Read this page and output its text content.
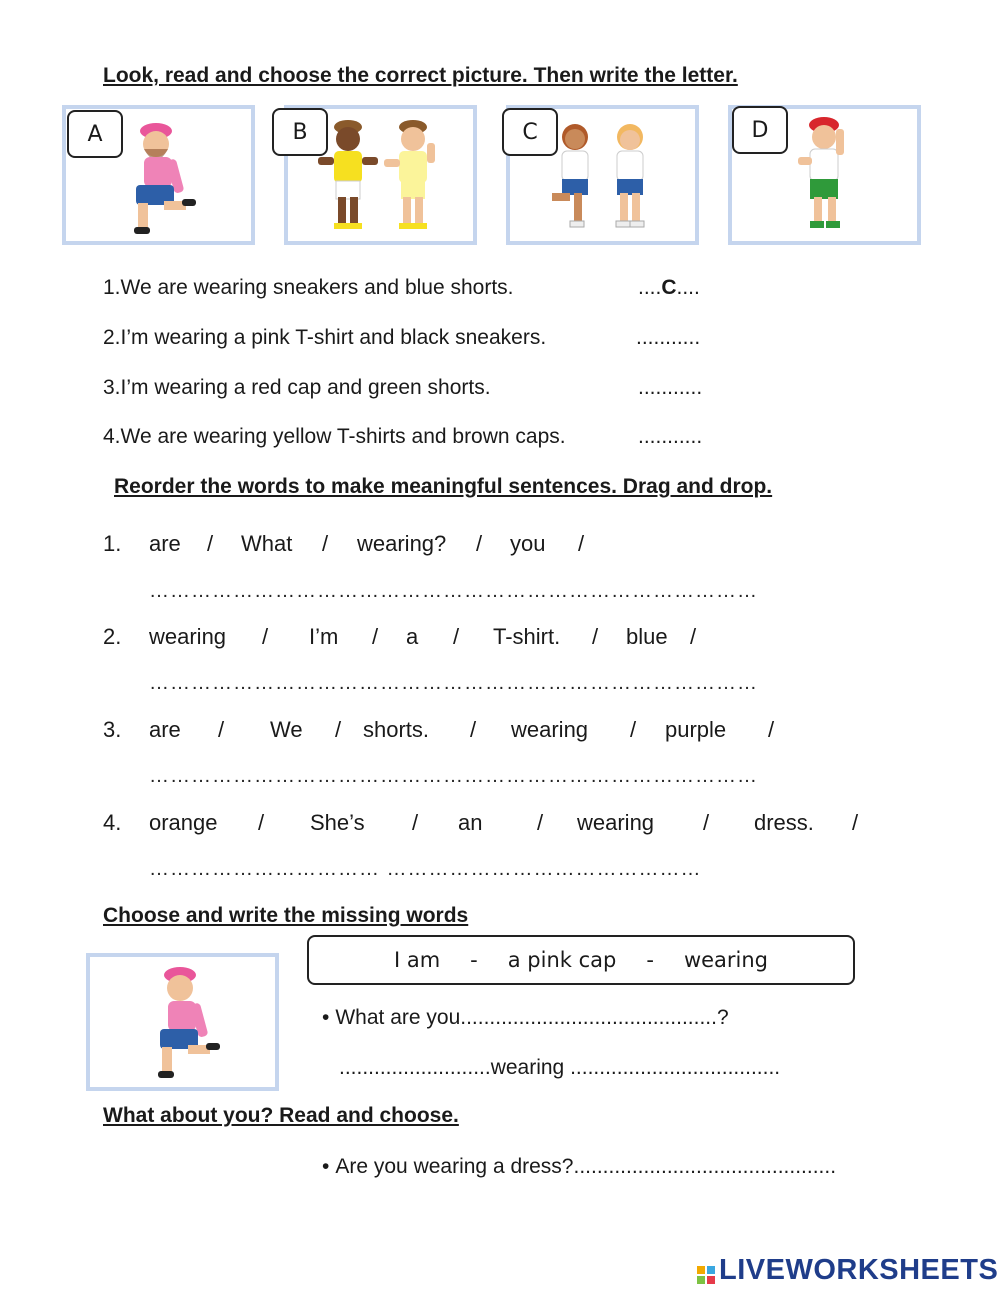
Look, read and choose the correct picture. Then write the letter.
A	B	C	D
1.We are wearing sneakers and blue shorts.	....C....
2.I’m wearing a pink T-shirt and black sneakers.	...........
3.I’m wearing a red cap and green shorts.	...........
4.We are wearing yellow T-shirts and brown caps.	...........
Reorder the words to make meaningful sentences. Drag and drop.
1. are / What / wearing? / you /
……………………………………………………………………………
2. wearing / I’m / a / T-shirt. / blue /
……………………………………………………………………………
3. are / We / shorts. / wearing / purple /
……………………………………………………………………………
4. orange / She’s / an / wearing / dress. /
…………………………… ………………………………………
Choose and write the missing words
I am - a pink cap - wearing
• What are you............................................?
..........................wearing ....................................
What about you? Read and choose.
• Are you wearing a dress?.............................................
LIVEWORKSHEETS
